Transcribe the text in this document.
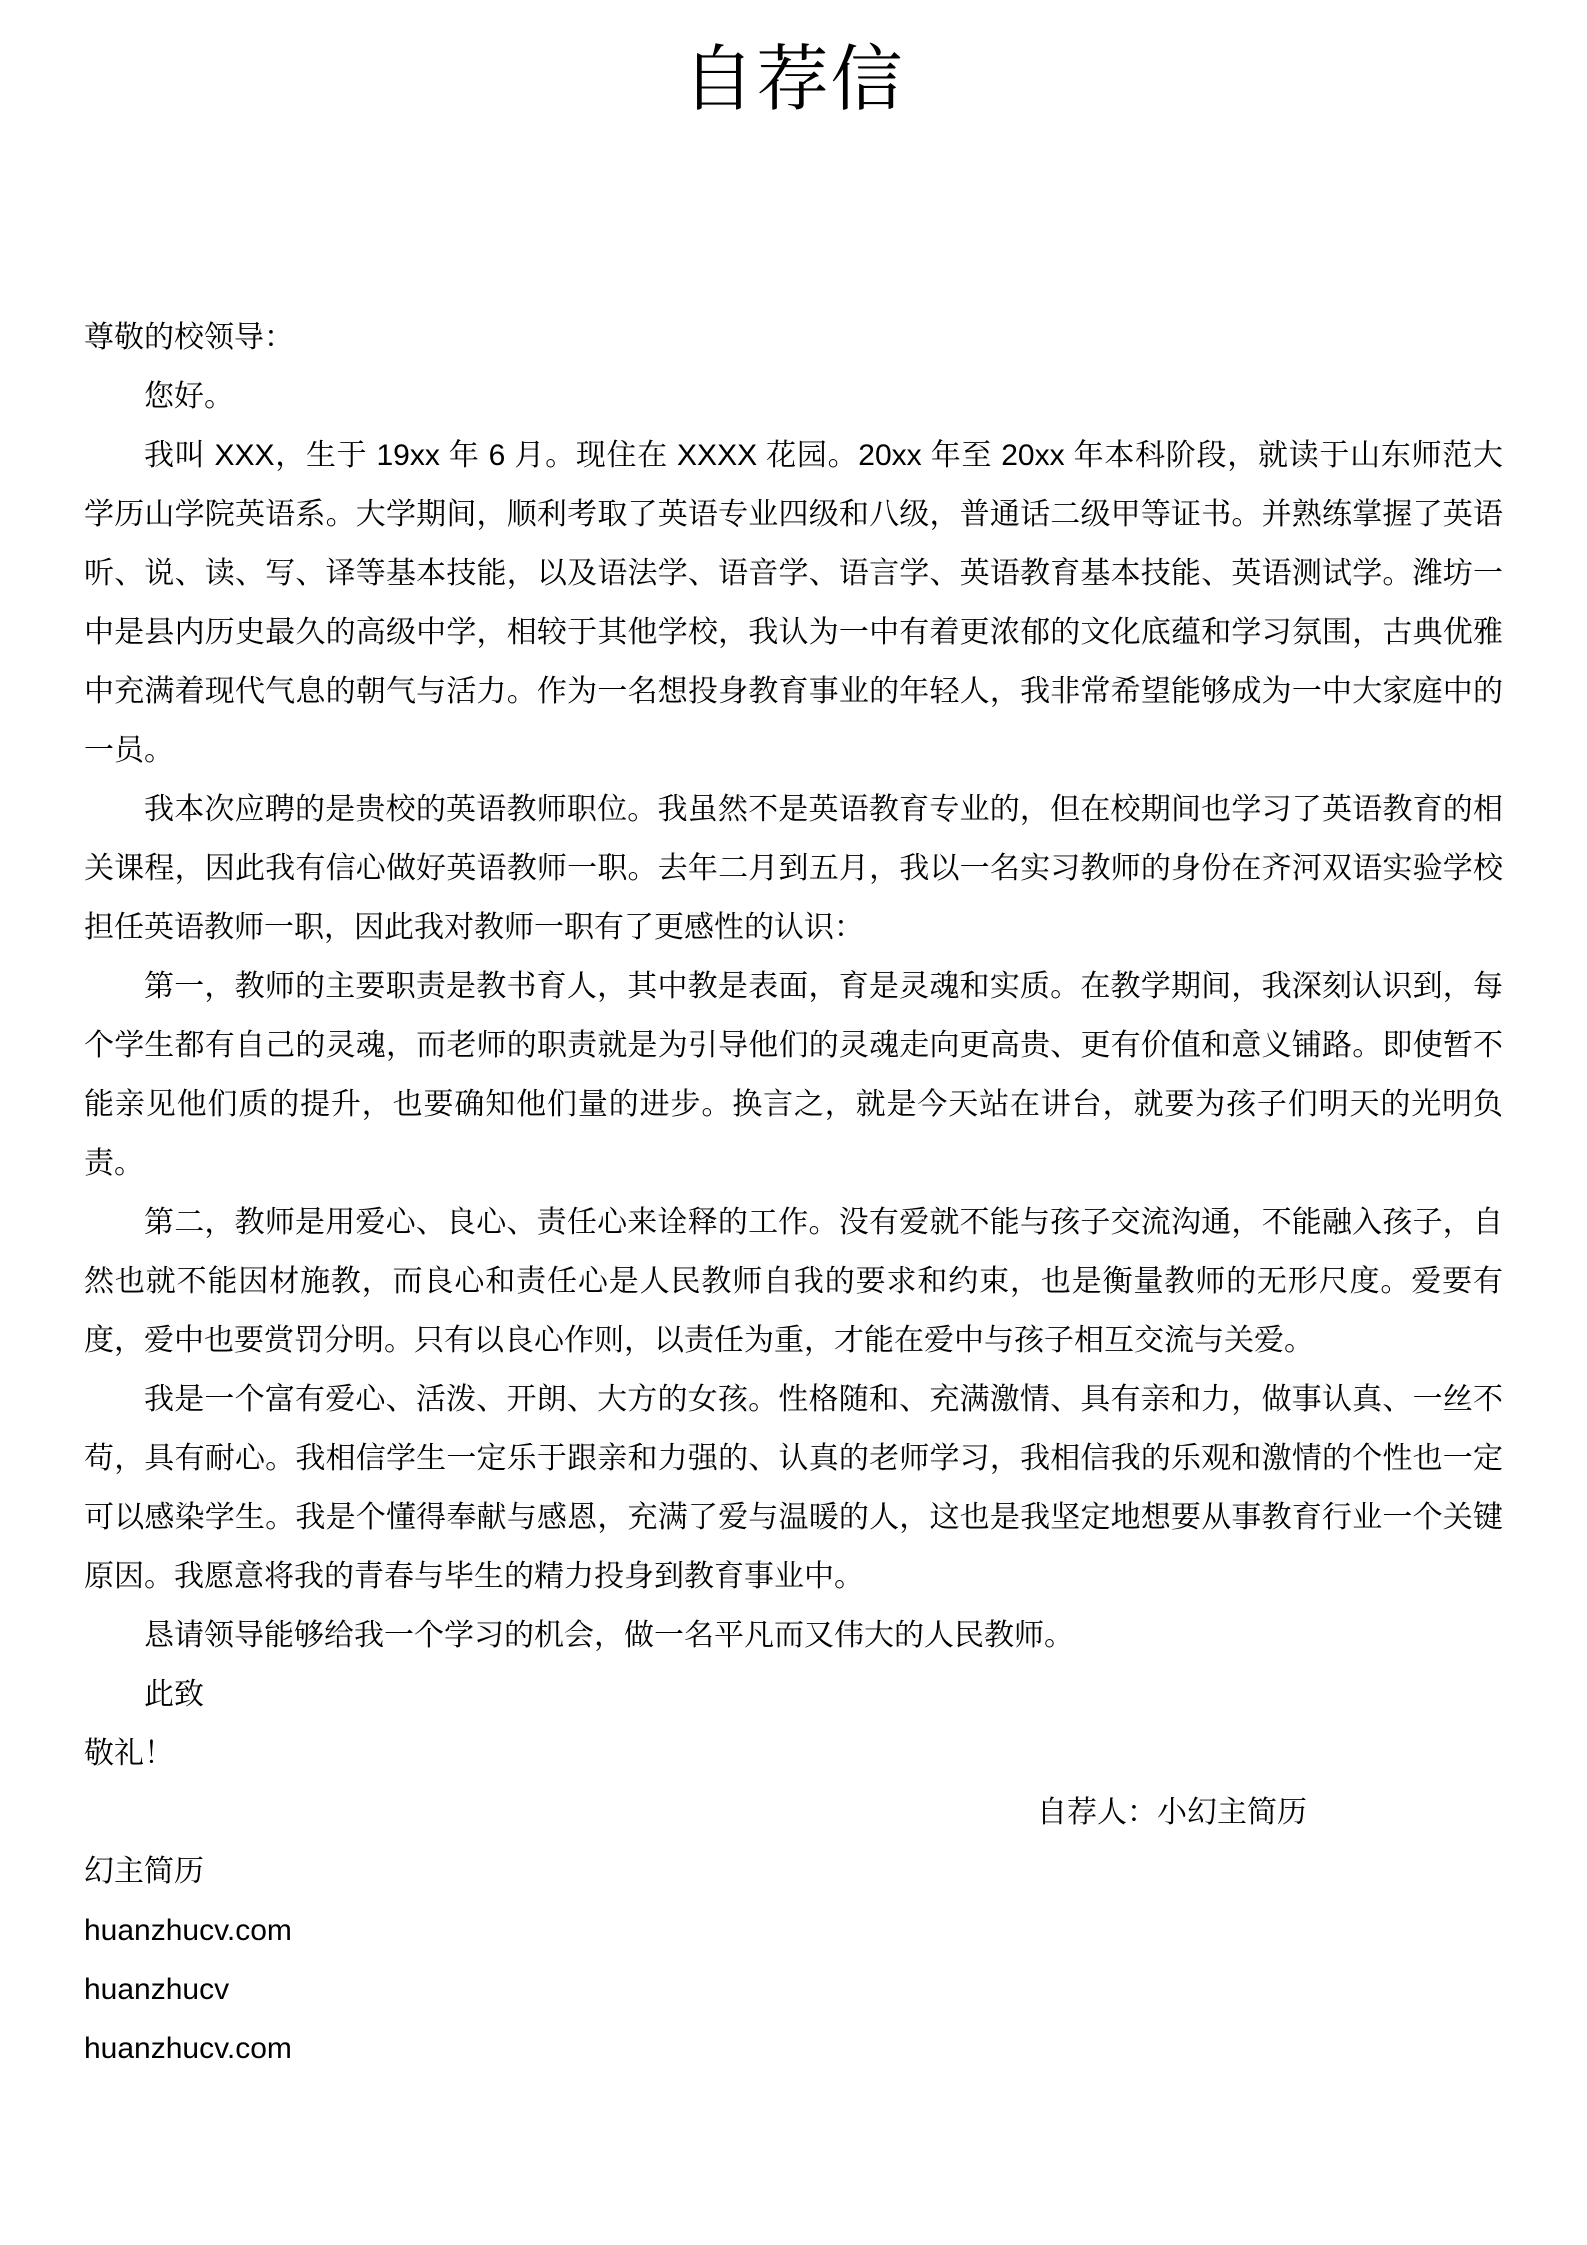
自荐信

尊敬的校领导：

您好。

我叫 XXX，生于 19xx 年 6 月。现住在 XXXX 花园。20xx 年至 20xx 年本科阶段，就读于山东师范大学历山学院英语系。大学期间，顺利考取了英语专业四级和八级，普通话二级甲等证书。并熟练掌握了英语听、说、读、写、译等基本技能，以及语法学、语音学、语言学、英语教育基本技能、英语测试学。潍坊一中是县内历史最久的高级中学，相较于其他学校，我认为一中有着更浓郁的文化底蕴和学习氛围，古典优雅中充满着现代气息的朝气与活力。作为一名想投身教育事业的年轻人，我非常希望能够成为一中大家庭中的一员。

我本次应聘的是贵校的英语教师职位。我虽然不是英语教育专业的，但在校期间也学习了英语教育的相关课程，因此我有信心做好英语教师一职。去年二月到五月，我以一名实习教师的身份在齐河双语实验学校担任英语教师一职，因此我对教师一职有了更感性的认识：

第一，教师的主要职责是教书育人，其中教是表面，育是灵魂和实质。在教学期间，我深刻认识到，每个学生都有自己的灵魂，而老师的职责就是为引导他们的灵魂走向更高贵、更有价值和意义铺路。即使暂不能亲见他们质的提升，也要确知他们量的进步。换言之，就是今天站在讲台，就要为孩子们明天的光明负责。

第二，教师是用爱心、良心、责任心来诠释的工作。没有爱就不能与孩子交流沟通，不能融入孩子，自然也就不能因材施教，而良心和责任心是人民教师自我的要求和约束，也是衡量教师的无形尺度。爱要有度，爱中也要赏罚分明。只有以良心作则，以责任为重，才能在爱中与孩子相互交流与关爱。

我是一个富有爱心、活泼、开朗、大方的女孩。性格随和、充满激情、具有亲和力，做事认真、一丝不苟，具有耐心。我相信学生一定乐于跟亲和力强的、认真的老师学习，我相信我的乐观和激情的个性也一定可以感染学生。我是个懂得奉献与感恩，充满了爱与温暖的人，这也是我坚定地想要从事教育行业一个关键原因。我愿意将我的青春与毕生的精力投身到教育事业中。

恳请领导能够给我一个学习的机会，做一名平凡而又伟大的人民教师。

此致

敬礼！

自荐人：小幻主简历

幻主简历

huanzhucv.com

huanzhucv

huanzhucv.com
